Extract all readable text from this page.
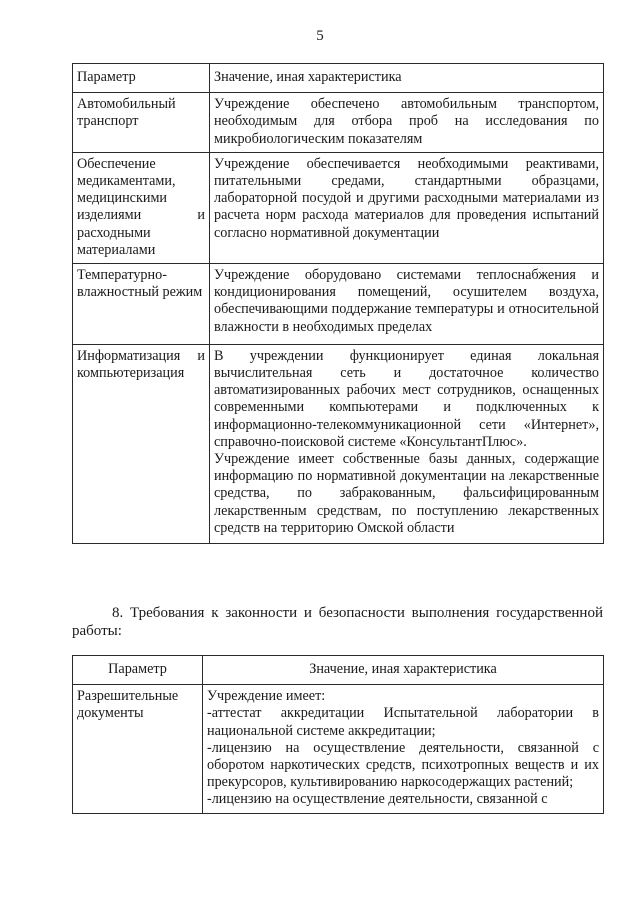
5
Параметр	Значение, иная характеристика
Автомобильный транспорт	Учреждение обеспечено автомобильным транспортом, необходимым для отбора проб на исследования по микробиологическим показателям
Обеспечение медикаментами, медицинскими изделиями и расходными материалами	Учреждение обеспечивается необходимыми реактивами, питательными средами, стандартными образцами, лабораторной посудой и другими расходными материалами из расчета норм расхода материалов для проведения испытаний согласно нормативной документации
Температурно-влажностный режим	Учреждение оборудовано системами теплоснабжения и кондиционирования помещений, осушителем воздуха, обеспечивающими поддержание температуры и относительной влажности в необходимых пределах
Информатизация и компьютеризация	В учреждении функционирует единая локальная вычислительная сеть и достаточное количество автоматизированных рабочих мест сотрудников, оснащенных современными компьютерами и подключенных к информационно-телекоммуникационной сети «Интернет», справочно-поисковой системе «КонсультантПлюс».

Учреждение имеет собственные базы данных, содержащие информацию по нормативной документации на лекарственные средства, по забракованным, фальсифицированным лекарственным средствам, по поступлению лекарственных средств на территорию Омской области

8. Требования к законности и безопасности выполнения государственной работы:
Параметр	Значение, иная характеристика
Разрешительные документы	Учреждение имеет:

-аттестат аккредитации Испытательной лаборатории в национальной системе аккредитации;

-лицензию на осуществление деятельности, связанной с оборотом наркотических средств, психотропных веществ и их прекурсоров, культивированию наркосодержащих растений;

-лицензию на осуществление деятельности, связанной с
